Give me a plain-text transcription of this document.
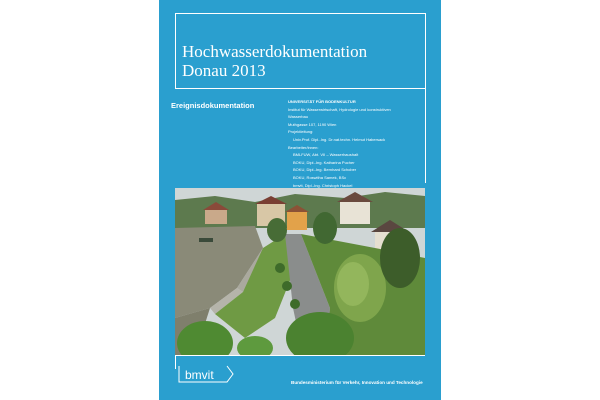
Hochwasserdokumentation
Donau 2013
Ereignisdokumentation	UNIVERSITÄT FÜR BODENKULTUR
Institut für Wasserwirtschaft, Hydrologie und konstruktiven
Wasserbau
Muthgasse 107, 1190 Wien
Projektleitung:
Univ.Prof. Dipl.-Ing. Dr.nat.techn. Helmut Habersack
Bearbeiter/innen:
BMLFUW, Abt. VII – Wasserhaushalt
BOKU, Dipl.-Ing. Katharina Pucher
BOKU, Dipl.-Ing. Bernhard Schober
BOKU, Roswitha Samek, BSc
bmvit, Dipl.-Ing. Christoph Hackel
bmvit
Bundesministerium für Verkehr, Innovation und Technologie
